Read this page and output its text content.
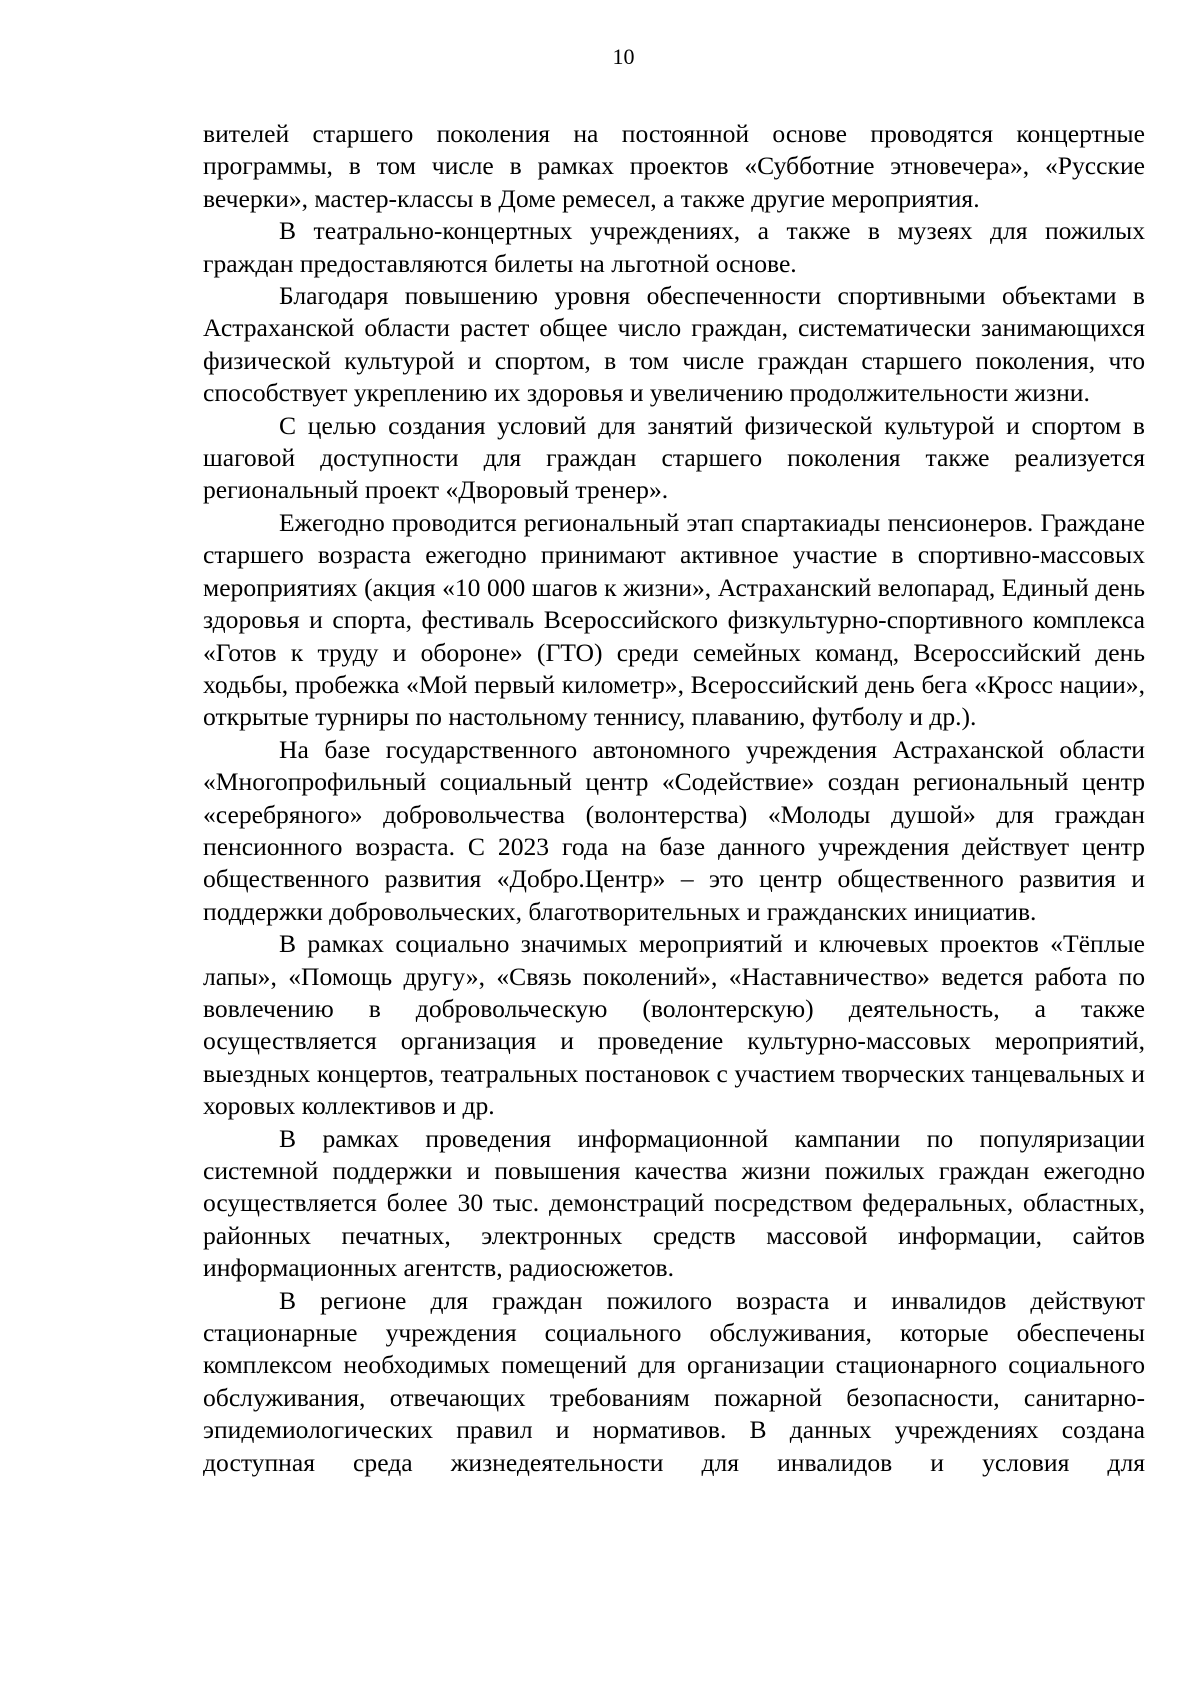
10

вителей старшего поколения на постоянной основе проводятся концертные программы, в том числе в рамках проектов «Субботние этновечера», «Русские вечерки», мастер-классы в Доме ремесел, а также другие мероприятия.

В театрально-концертных учреждениях, а также в музеях для пожилых граждан предоставляются билеты на льготной основе.

Благодаря повышению уровня обеспеченности спортивными объектами в Астраханской области растет общее число граждан, систематически занимающихся физической культурой и спортом, в том числе граждан старшего поколения, что способствует укреплению их здоровья и увеличению продолжительности жизни.

С целью создания условий для занятий физической культурой и спортом в шаговой доступности для граждан старшего поколения также реализуется региональный проект «Дворовый тренер».

Ежегодно проводится региональный этап спартакиады пенсионеров. Граждане старшего возраста ежегодно принимают активное участие в спортивно-массовых мероприятиях (акция «10 000 шагов к жизни», Астраханский велопарад, Единый день здоровья и спорта, фестиваль Всероссийского физкультурно-спортивного комплекса «Готов к труду и обороне» (ГТО) среди семейных команд, Всероссийский день ходьбы, пробежка «Мой первый километр», Всероссийский день бега «Кросс нации», открытые турниры по настольному теннису, плаванию, футболу и др.).

На базе государственного автономного учреждения Астраханской области «Многопрофильный социальный центр «Содействие» создан региональный центр «серебряного» добровольчества (волонтерства) «Молоды душой» для граждан пенсионного возраста. С 2023 года на базе данного учреждения действует центр общественного развития «Добро.Центр» – это центр общественного развития и поддержки добровольческих, благотворительных и гражданских инициатив.

В рамках социально значимых мероприятий и ключевых проектов «Тёплые лапы», «Помощь другу», «Связь поколений», «Наставничество» ведется работа по вовлечению в добровольческую (волонтерскую) деятельность, а также осуществляется организация и проведение культурно-массовых мероприятий, выездных концертов, театральных постановок с участием творческих танцевальных и хоровых коллективов и др.

В рамках проведения информационной кампании по популяризации системной поддержки и повышения качества жизни пожилых граждан ежегодно осуществляется более 30 тыс. демонстраций посредством федеральных, областных, районных печатных, электронных средств массовой информации, сайтов информационных агентств, радиосюжетов.

В регионе для граждан пожилого возраста и инвалидов действуют стационарные учреждения социального обслуживания, которые обеспечены комплексом необходимых помещений для организации стационарного социального обслуживания, отвечающих требованиям пожарной безопасности, санитарно-эпидемиологических правил и нормативов. В данных учреждениях создана доступная среда жизнедеятельности для инвалидов и условия для
